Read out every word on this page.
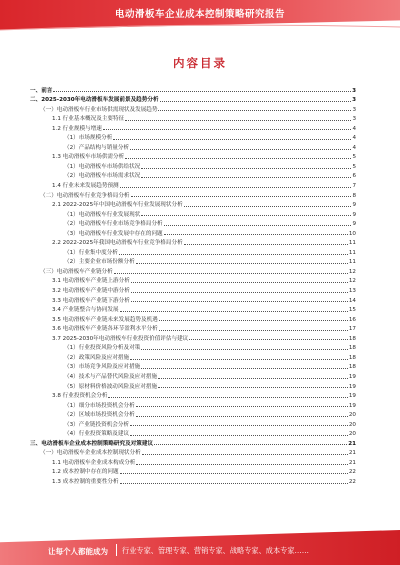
电动滑板车企业成本控制策略研究报告
内容目录
一、前言	3
二、2025-2030年电动滑板车发展前景及趋势分析	3
（一）电动滑板车行业市场供需现状及发展趋势	3
1.1 行业基本概况及主要特征	3
1.2 行业规模与增速	4
（1）市场规模分析	4
（2）产品结构与销量分析	4
1.3 电动滑板车市场供需分析	5
（1）电动滑板车市场供给状况	5
（2）电动滑板车市场需求状况	6
1.4 行业未来发展趋势预测	7
（二）电动滑板车行业竞争格局分析	8
2.1 2022-2025年中国电动滑板车行业发展现状分析	9
（1）电动滑板车行业发展现状	9
（2）电动滑板车行业市场竞争格局分析	9
（3）电动滑板车行业发展中存在的问题	10
2.2 2022-2025年我国电动滑板车行业竞争格局分析	11
（1）行业集中度分析	11
（2）主要企业市场份额分析	11
（三）电动滑板车产业链分析	12
3.1 电动滑板车产业链上游分析	12
3.2 电动滑板车产业链中游分析	13
3.3 电动滑板车产业链下游分析	14
3.4 产业链整合与协同发展	15
3.5 电动滑板车产业链未来发展趋势及机遇	16
3.6 电动滑板车产业链各环节盈利水平分析	17
3.7 2025-2030年电动滑板车行业投资价值评估与建议	18
（1）行业投资风险分析及对策	18
（2）政策风险及应对措施	18
（3）市场竞争风险及应对措施	18
（4）技术与产品替代风险及应对措施	19
（5）原材料价格波动风险及应对措施	19
3.8 行业投资机会分析	19
（1）细分市场投资机会分析	19
（2）区域市场投资机会分析	20
（3）产业链投资机会分析	20
（4）行业投资策略及建议	20
三、电动滑板车企业成本控制策略研究及对策建议	21
（一）电动滑板车企业成本控制现状分析	21
1.1 电动滑板车企业成本构成分析	21
1.2 成本控制中存在的问题	22
1.3 成本控制的重要性分析	22
让每个人都能成为 行业专家、管理专家、营销专家、战略专家、成本专家……
